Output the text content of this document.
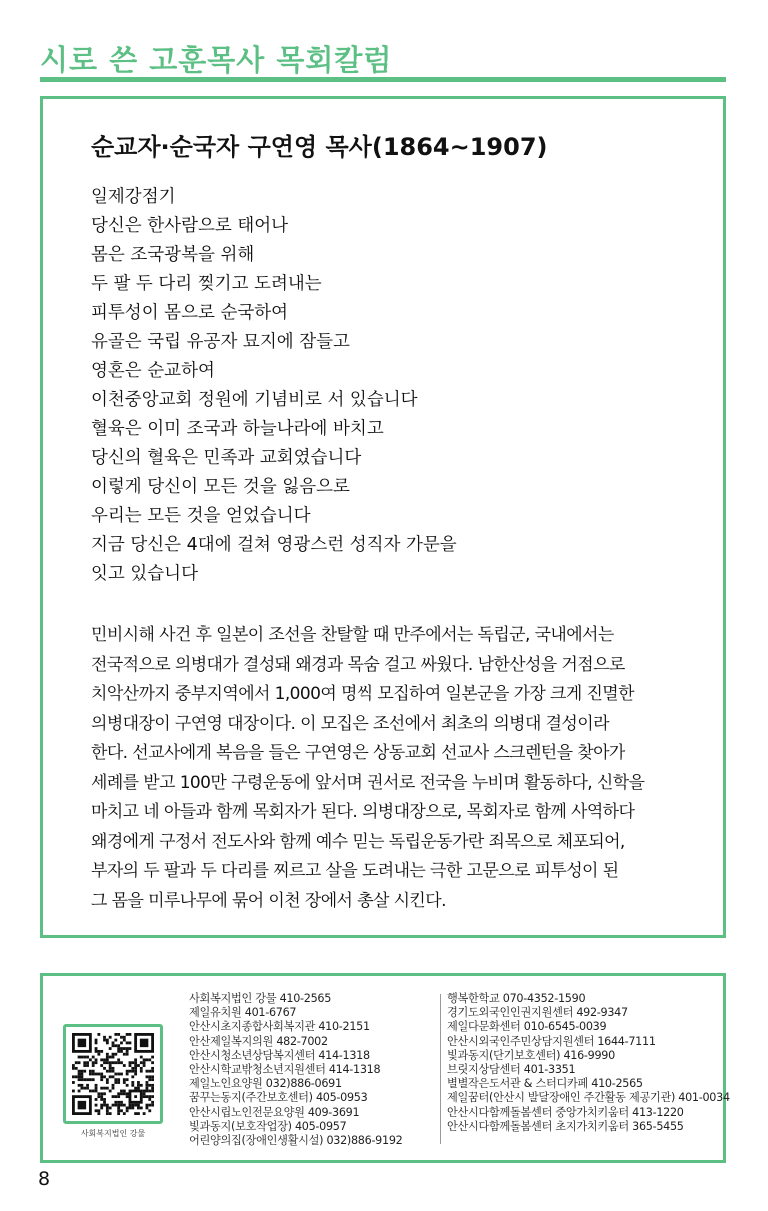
시로 쓴 고훈목사 목회칼럼
순교자·순국자 구연영 목사(1864~1907)
일제강점기
당신은 한사람으로 태어나
몸은 조국광복을 위해
두 팔 두 다리 찢기고 도려내는
피투성이 몸으로 순국하여
유골은 국립 유공자 묘지에 잠들고
영혼은 순교하여
이천중앙교회 정원에 기념비로 서 있습니다
혈육은 이미 조국과 하늘나라에 바치고
당신의 혈육은 민족과 교회였습니다
이렇게 당신이 모든 것을 잃음으로
우리는 모든 것을 얻었습니다
지금 당신은 4대에 걸쳐 영광스런 성직자 가문을
잇고 있습니다
민비시해 사건 후 일본이 조선을 찬탈할 때 만주에서는 독립군, 국내에서는
전국적으로 의병대가 결성돼 왜경과 목숨 걸고 싸웠다. 남한산성을 거점으로
치악산까지 중부지역에서 1,000여 명씩 모집하여 일본군을 가장 크게 진멸한
의병대장이 구연영 대장이다. 이 모집은 조선에서 최초의 의병대 결성이라
한다. 선교사에게 복음을 들은 구연영은 상동교회 선교사 스크렌턴을 찾아가
세례를 받고 100만 구령운동에 앞서며 권서로 전국을 누비며 활동하다, 신학을
마치고 네 아들과 함께 목회자가 된다. 의병대장으로, 목회자로 함께 사역하다
왜경에게 구정서 전도사와 함께 예수 믿는 독립운동가란 죄목으로 체포되어,
부자의 두 팔과 두 다리를 찌르고 살을 도려내는 극한 고문으로 피투성이 된
그 몸을 미루나무에 묶어 이천 장에서 총살 시킨다.
사회복지법인 강물
사회복지법인 강물 410-2565
제일유치원 401-6767
안산시초지종합사회복지관 410-2151
안산제일복지의원 482-7002
안산시청소년상담복지센터 414-1318
안산시학교밖청소년지원센터 414-1318
제일노인요양원 032)886-0691
꿈꾸는동지(주간보호센터) 405-0953
안산시립노인전문요양원 409-3691
빛과동지(보호작업장) 405-0957
어린양의집(장애인생활시설) 032)886-9192
행복한학교 070-4352-1590
경기도외국인인권지원센터 492-9347
제일다문화센터 010-6545-0039
안산시외국인주민상담지원센터 1644-7111
빛과동지(단기보호센터) 416-9990
브릿지상담센터 401-3351
별별작은도서관 & 스터디카페 410-2565
제일꿈터(안산시 발달장애인 주간활동 제공기관) 401-0034
안산시다함께돌봄센터 중앙가치키움터 413-1220
안산시다함께돌봄센터 초지가치키움터 365-5455
8
